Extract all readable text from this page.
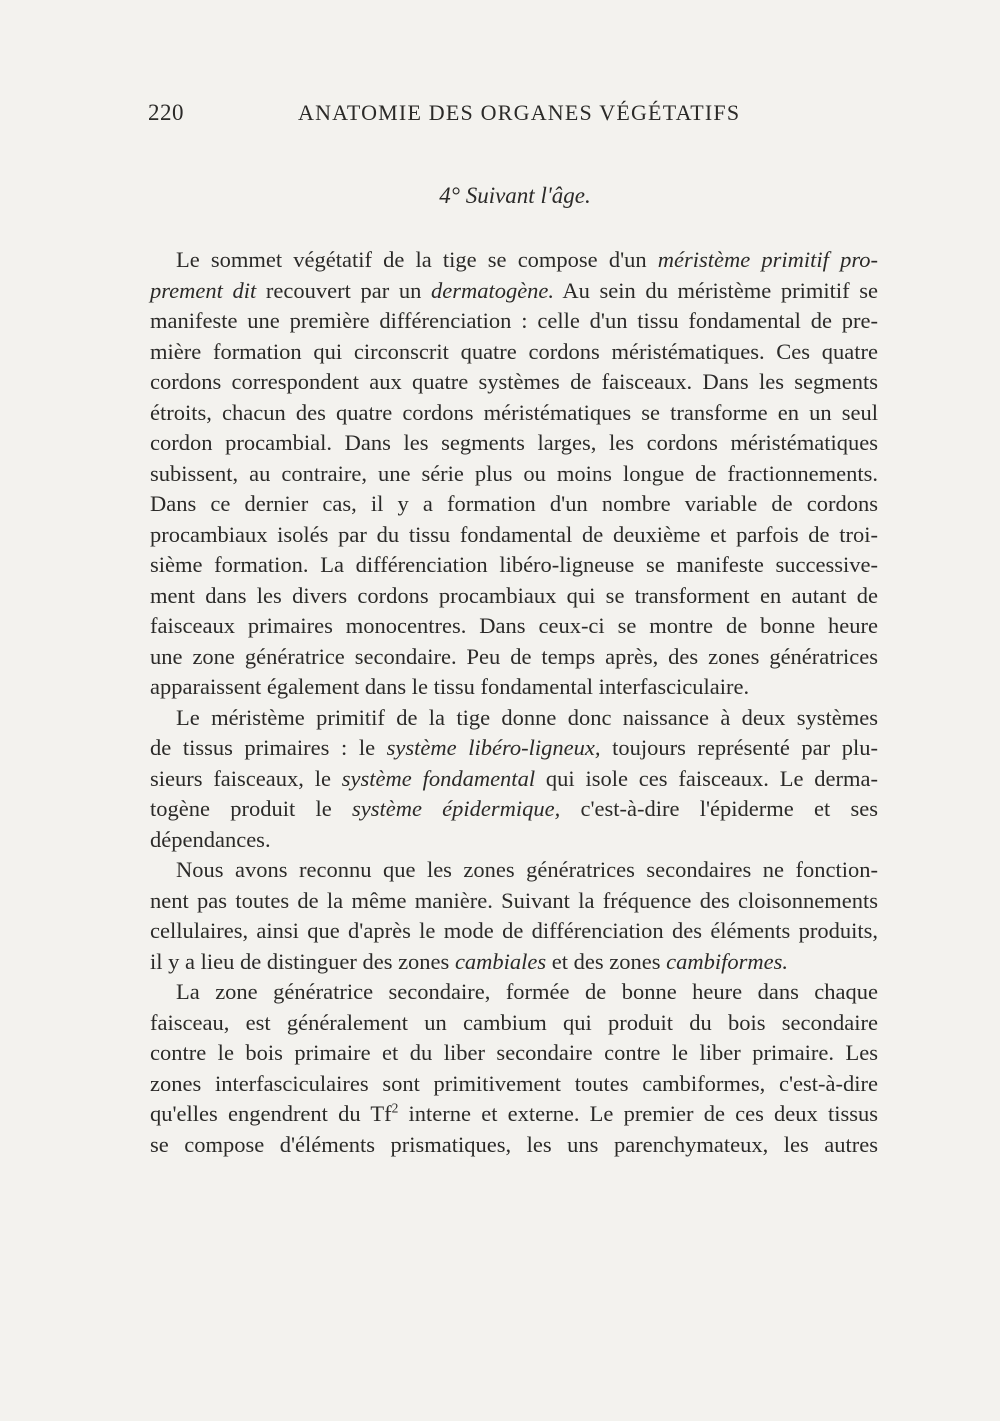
220	ANATOMIE DES ORGANES VÉGÉTATIFS
4° Suivant l'âge.
Le sommet végétatif de la tige se compose d'un méristème primitif pro-
prement dit recouvert par un dermatogène. Au sein du méristème primitif se
manifeste une première différenciation : celle d'un tissu fondamental de pre-
mière formation qui circonscrit quatre cordons méristématiques. Ces quatre
cordons correspondent aux quatre systèmes de faisceaux. Dans les segments
étroits, chacun des quatre cordons méristématiques se transforme en un seul
cordon procambial. Dans les segments larges, les cordons méristématiques
subissent, au contraire, une série plus ou moins longue de fractionnements.
Dans ce dernier cas, il y a formation d'un nombre variable de cordons
procambiaux isolés par du tissu fondamental de deuxième et parfois de troi-
sième formation. La différenciation libéro-ligneuse se manifeste successive-
ment dans les divers cordons procambiaux qui se transforment en autant de
faisceaux primaires monocentres. Dans ceux-ci se montre de bonne heure
une zone génératrice secondaire. Peu de temps après, des zones génératrices
apparaissent également dans le tissu fondamental interfasciculaire.
Le méristème primitif de la tige donne donc naissance à deux systèmes
de tissus primaires : le système libéro-ligneux, toujours représenté par plu-
sieurs faisceaux, le système fondamental qui isole ces faisceaux. Le derma-
togène produit le système épidermique, c'est-à-dire l'épiderme et ses
dépendances.
Nous avons reconnu que les zones génératrices secondaires ne fonction-
nent pas toutes de la même manière. Suivant la fréquence des cloisonnements
cellulaires, ainsi que d'après le mode de différenciation des éléments produits,
il y a lieu de distinguer des zones cambiales et des zones cambiformes.
La zone génératrice secondaire, formée de bonne heure dans chaque
faisceau, est généralement un cambium qui produit du bois secondaire
contre le bois primaire et du liber secondaire contre le liber primaire. Les
zones interfasciculaires sont primitivement toutes cambiformes, c'est-à-dire
qu'elles engendrent du Tf$^2$ interne et externe. Le premier de ces deux tissus
se compose d'éléments prismatiques, les uns parenchymateux, les autres
